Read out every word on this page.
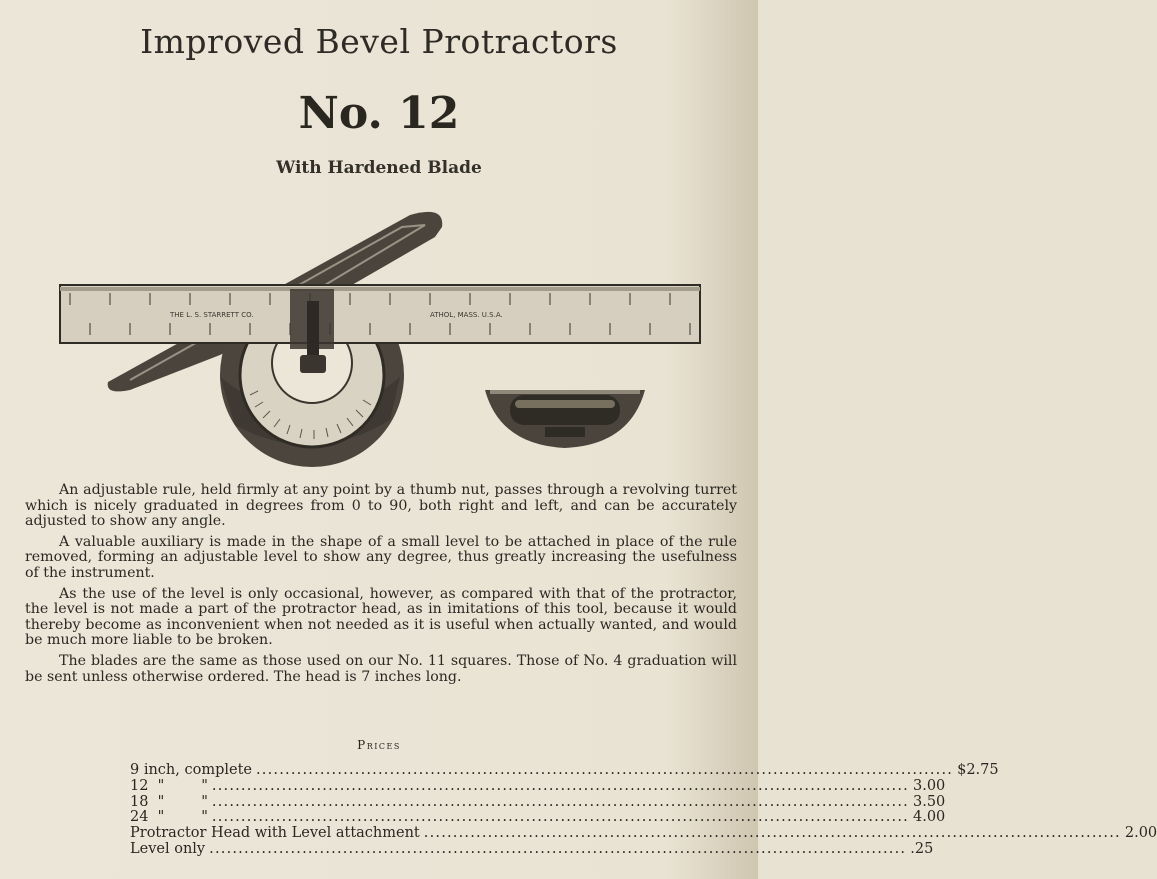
Improved Bevel Protractors
No. 12
With Hardened Blade
THE L. S. STARRETT CO.	ATHOL, MASS. U.S.A.

An adjustable rule, held firmly at any point by a thumb nut, passes through a revolving turret which is nicely graduated in degrees from 0 to 90, both right and left, and can be accurately adjusted to show any angle.

A valuable auxiliary is made in the shape of a small level to be attached in place of the rule removed, forming an adjustable level to show any degree, thus greatly increasing the usefulness of the instrument.

As the use of the level is only occasional, however, as compared with that of the protractor, the level is not made a part of the protractor head, as in imitations of this tool, because it would thereby become as inconvenient when not needed as it is useful when actually wanted, and would be much more liable to be broken.

The blades are the same as those used on our No. 11 squares. Those of No. 4 graduation will be sent unless otherwise ordered. The head is 7 inches long.

Prices
9 inch, complete ........................................................................................................................ $2.75
12  "        " ........................................................................................................................ 3.00
18  "        " ........................................................................................................................ 3.50
24  "        " ........................................................................................................................ 4.00
Protractor Head with Level attachment ........................................................................................................................ 2.00
Level only ........................................................................................................................ .25
